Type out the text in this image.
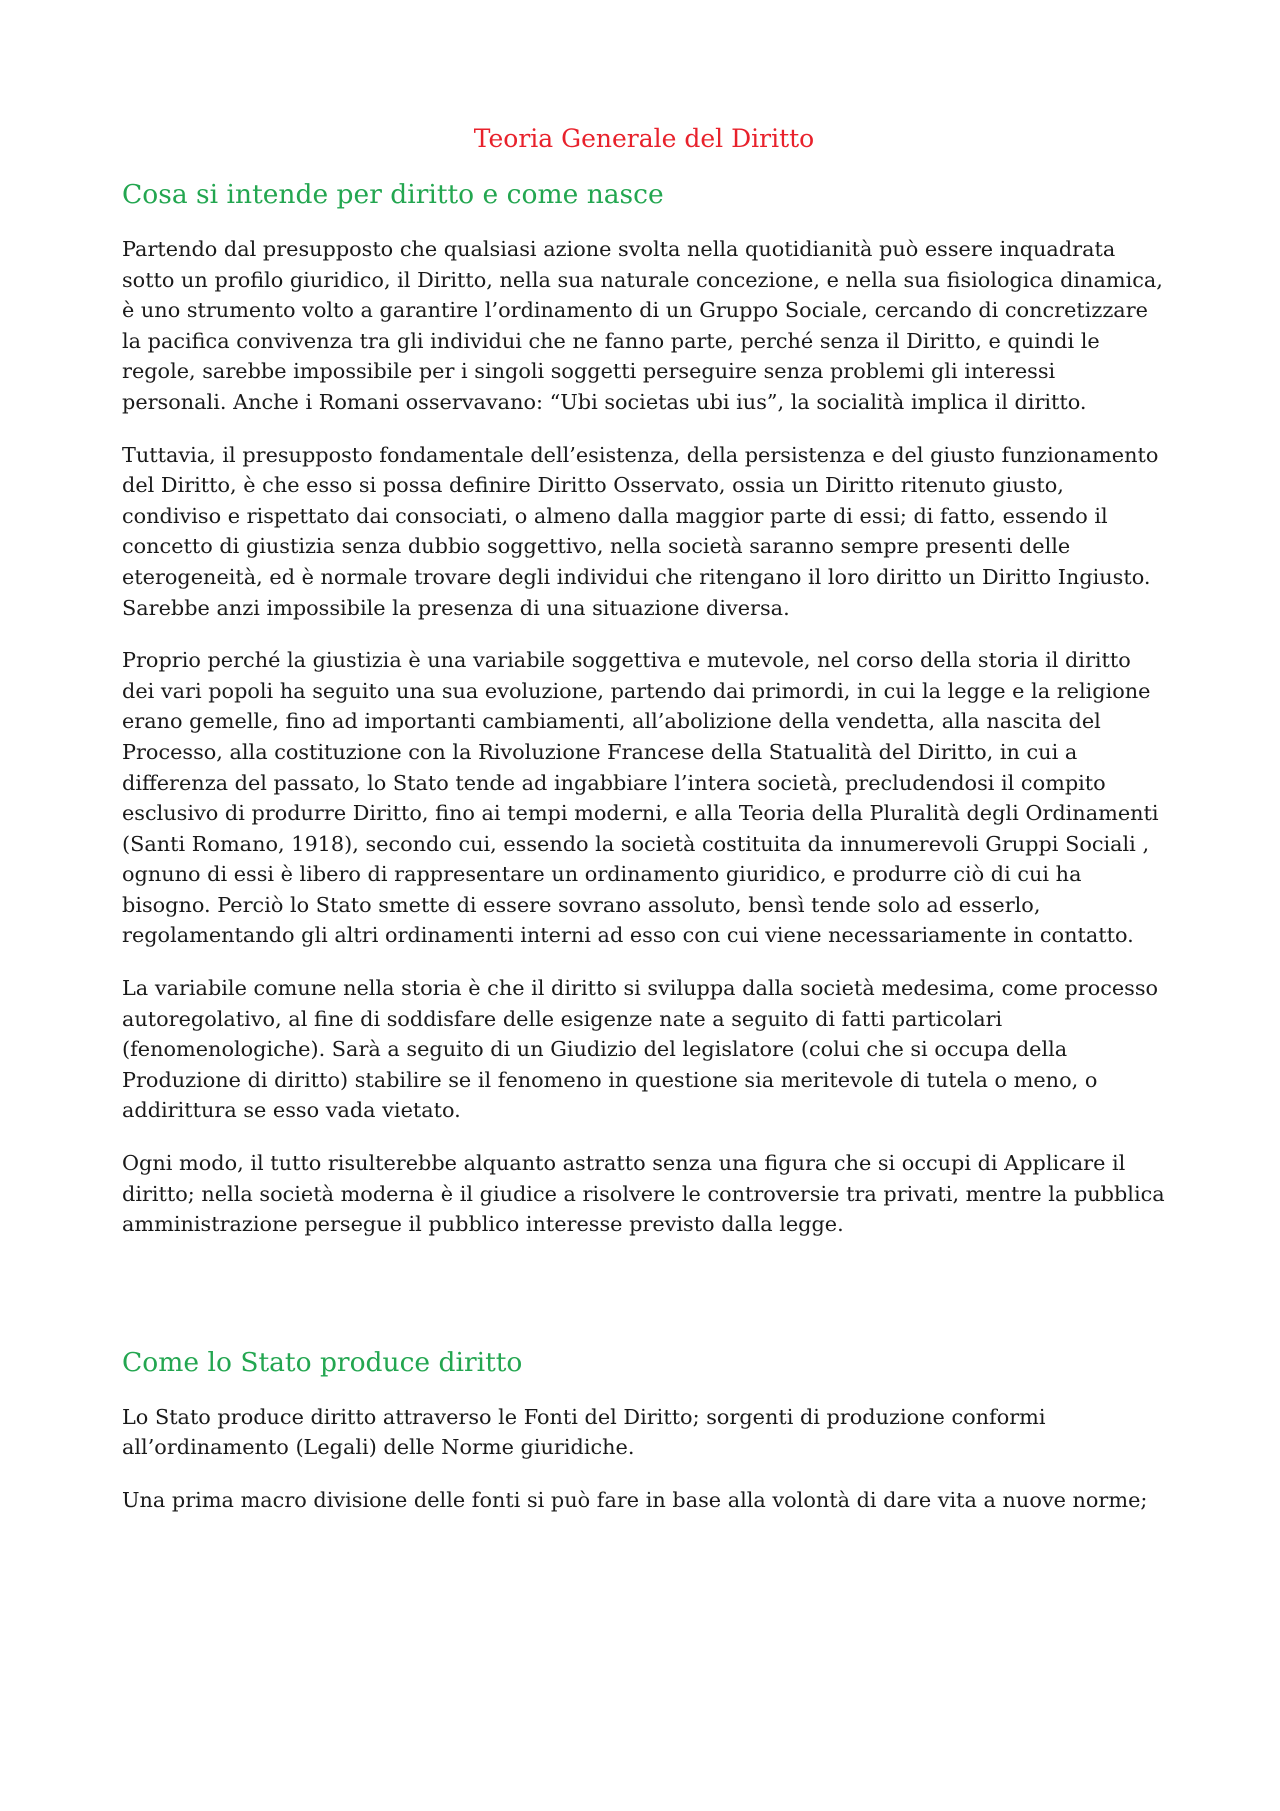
Teoria Generale del Diritto
Cosa si intende per diritto e come nasce

Partendo dal presupposto che qualsiasi azione svolta nella quotidianità può essere inquadrata sotto un profilo giuridico, il Diritto, nella sua naturale concezione, e nella sua fisiologica dinamica, è uno strumento volto a garantire l’ordinamento di un Gruppo Sociale, cercando di concretizzare la pacifica convivenza tra gli individui che ne fanno parte, perché senza il Diritto, e quindi le regole, sarebbe impossibile per i singoli soggetti perseguire senza problemi gli interessi personali. Anche i Romani osservavano: “Ubi societas ubi ius”, la socialità implica il diritto.

Tuttavia, il presupposto fondamentale dell’esistenza, della persistenza e del giusto funzionamento del Diritto, è che esso si possa definire Diritto Osservato, ossia un Diritto ritenuto giusto, condiviso e rispettato dai consociati, o almeno dalla maggior parte di essi; di fatto, essendo il concetto di giustizia senza dubbio soggettivo, nella società saranno sempre presenti delle eterogeneità, ed è normale trovare degli individui che ritengano il loro diritto un Diritto Ingiusto. Sarebbe anzi impossibile la presenza di una situazione diversa.

Proprio perché la giustizia è una variabile soggettiva e mutevole, nel corso della storia il diritto dei vari popoli ha seguito una sua evoluzione, partendo dai primordi, in cui la legge e la religione erano gemelle, fino ad importanti cambiamenti, all’abolizione della vendetta, alla nascita del Processo, alla costituzione con la Rivoluzione Francese della Statualità del Diritto, in cui a differenza del passato, lo Stato tende ad ingabbiare l’intera società, precludendosi il compito esclusivo di produrre Diritto, fino ai tempi moderni, e alla Teoria della Pluralità degli Ordinamenti (Santi Romano, 1918), secondo cui, essendo la società costituita da innumerevoli Gruppi Sociali , ognuno di essi è libero di rappresentare un ordinamento giuridico, e produrre ciò di cui ha bisogno. Perciò lo Stato smette di essere sovrano assoluto, bensì tende solo ad esserlo, regolamentando gli altri ordinamenti interni ad esso con cui viene necessariamente in contatto.

La variabile comune nella storia è che il diritto si sviluppa dalla società medesima, come processo autoregolativo, al fine di soddisfare delle esigenze nate a seguito di fatti particolari (fenomenologiche). Sarà a seguito di un Giudizio del legislatore (colui che si occupa della Produzione di diritto) stabilire se il fenomeno in questione sia meritevole di tutela o meno, o addirittura se esso vada vietato.

Ogni modo, il tutto risulterebbe alquanto astratto senza una figura che si occupi di Applicare il diritto; nella società moderna è il giudice a risolvere le controversie tra privati, mentre la pubblica amministrazione persegue il pubblico interesse previsto dalla legge.

Come lo Stato produce diritto

Lo Stato produce diritto attraverso le Fonti del Diritto; sorgenti di produzione conformi all’ordinamento (Legali) delle Norme giuridiche.

Una prima macro divisione delle fonti si può fare in base alla volontà di dare vita a nuove norme;
